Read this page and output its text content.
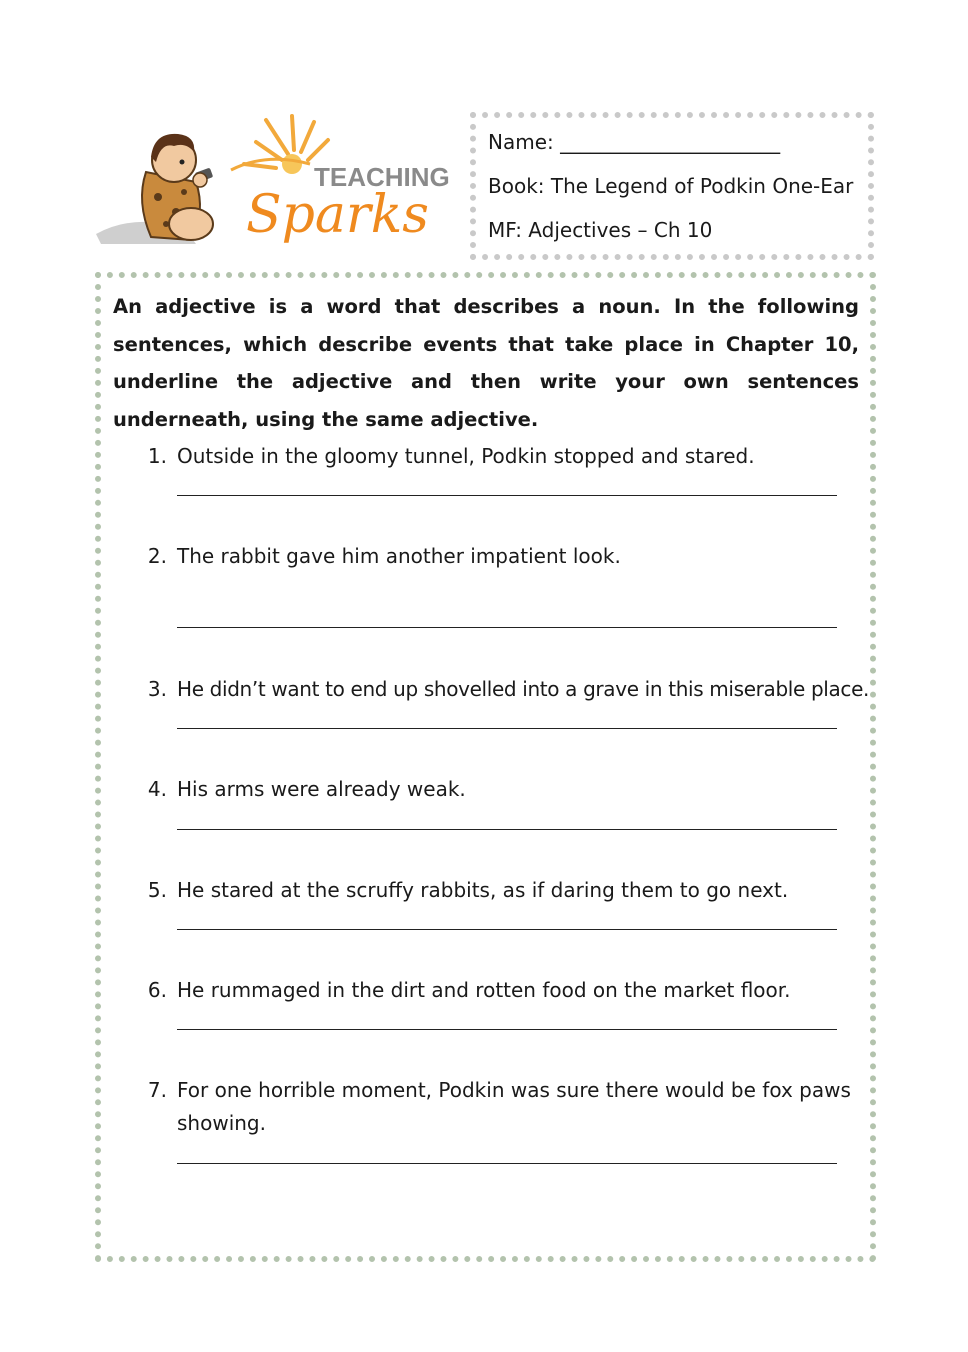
TEACHING
Sparks
Name: ______________________
Book: The Legend of Podkin One-Ear
MF: Adjectives – Ch 10
An adjective is a word that describes a noun. In the following sentences, which describe events that take place in Chapter 10, underline the adjective and then write your own sentences underneath, using the same adjective.
1. Outside in the gloomy tunnel, Podkin stopped and stared.
2. The rabbit gave him another impatient look.
3. He didn’t want to end up shovelled into a grave in this miserable place.
4. His arms were already weak.
5. He stared at the scruffy rabbits, as if daring them to go next.
6. He rummaged in the dirt and rotten food on the market floor.
7. For one horrible moment, Podkin was sure there would be fox paws showing.
